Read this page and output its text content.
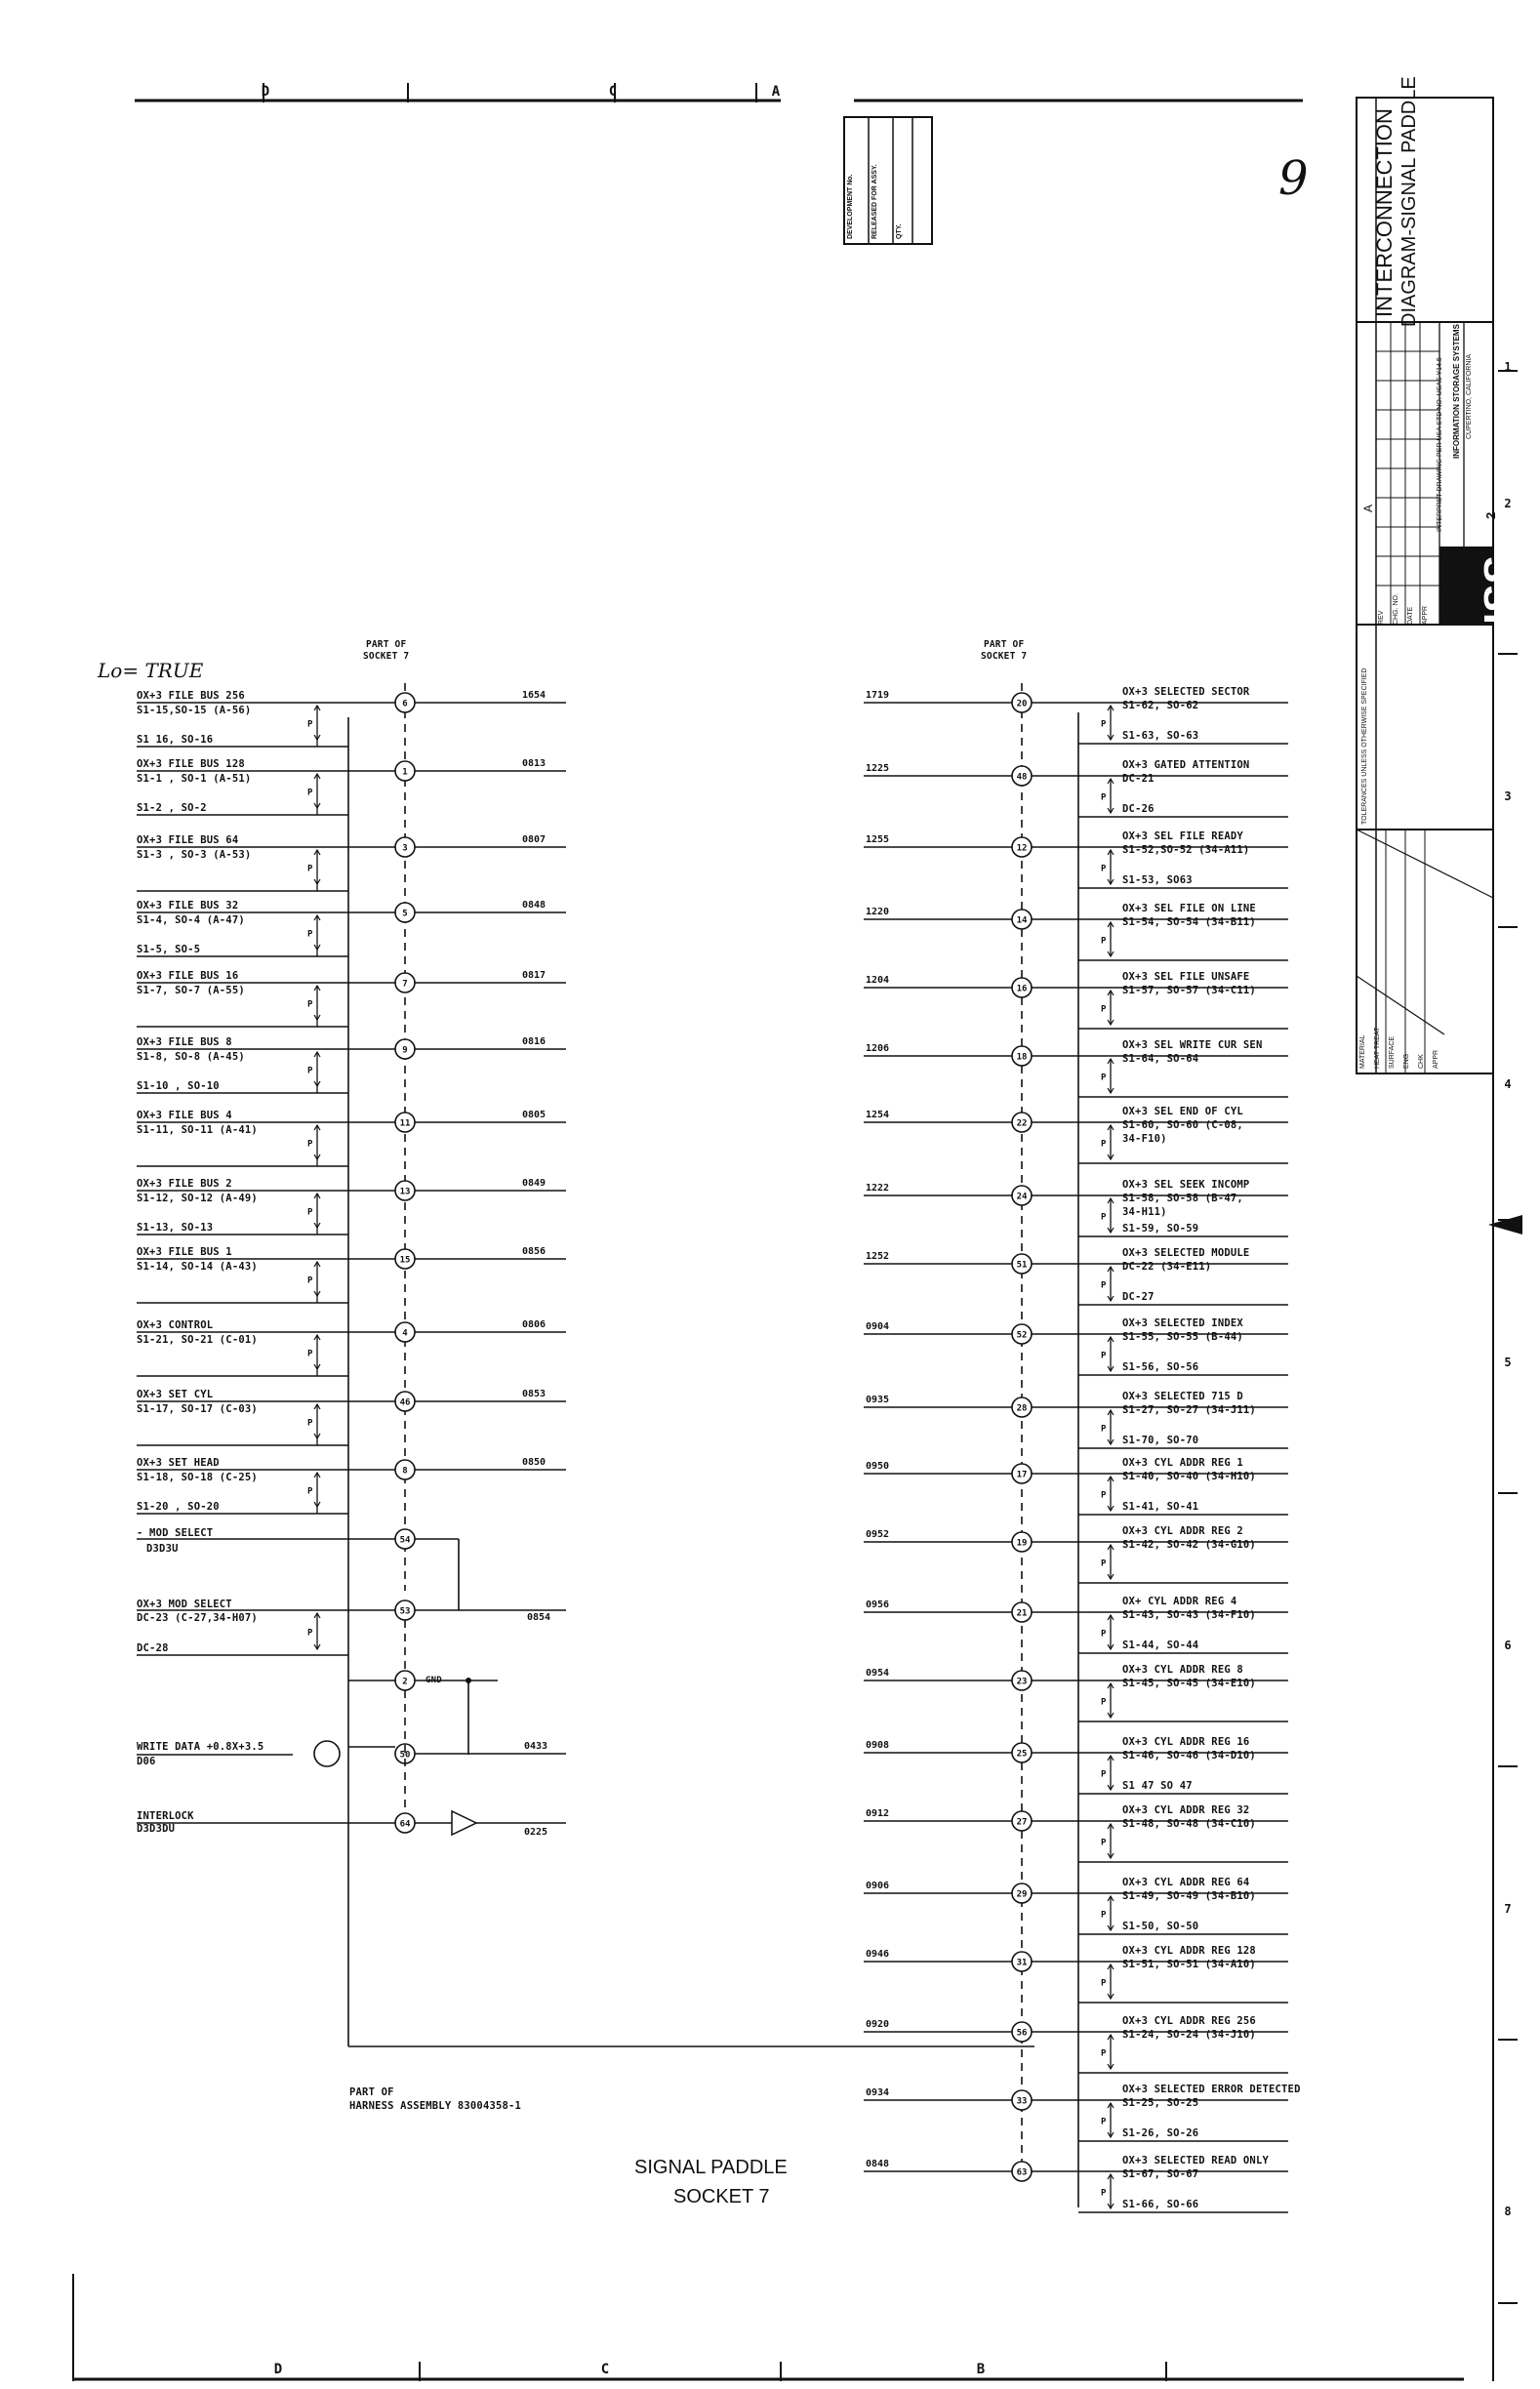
D	C	A
1
2
3
4
5
6
7
8
D	C	B
6
P
1
P
3
P
5
P
7
P
9
P
11
P
13
P
15
P
4
P
46
P
8
P
54
53
P
2
50
64
20
P
48
P
12
P
14
P
16
P
18
P
22
P
24
P
51
P
52
P
28
P
17
P
19
P
21
P
23
P
25
P
27
P
29
P
31
P
56
P
33
P
63
P
Lo= TRUE
PART OF
SOCKET 7
PART OF
SOCKET 7
OX+3 FILE BUS 256
S1-15,SO-15 (A-56)
1654
S1 16, SO-16
OX+3 FILE BUS 128
S1-1 , SO-1 (A-51)
0813
S1-2 , SO-2
OX+3 FILE BUS 64
S1-3 , SO-3 (A-53)
0807
OX+3 FILE BUS 32
S1-4, SO-4 (A-47)
0848
S1-5, SO-5
OX+3 FILE BUS 16
S1-7, SO-7 (A-55)
0817
OX+3 FILE BUS 8
S1-8, SO-8 (A-45)
0816
S1-10 , SO-10
OX+3 FILE BUS 4
S1-11, SO-11 (A-41)
0805
OX+3 FILE BUS 2
S1-12, SO-12 (A-49)
0849
S1-13, SO-13
OX+3 FILE BUS 1
S1-14, SO-14 (A-43)
0856
OX+3 CONTROL
S1-21, SO-21 (C-01)
0806
OX+3 SET CYL
S1-17, SO-17 (C-03)
0853
OX+3 SET HEAD
S1-18, SO-18 (C-25)
0850
S1-20 , SO-20
- MOD SELECT
D3D3U
OX+3 MOD SELECT
DC-23 (C-27,34-H07)	0854
DC-28
GND
WRITE DATA +0.8X+3.5
D06
0433
INTERLOCK
D3D3DU	0225
1719	OX+3 SELECTED SECTOR
S1-62, SO-62
S1-63, SO-63
1225	OX+3 GATED ATTENTION
DC-21
DC-26
1255	OX+3 SEL FILE READY
S1-52,SO-52 (34-A11)
S1-53, SO63
1220	OX+3 SEL FILE ON LINE
S1-54, SO-54 (34-B11)
1204	OX+3 SEL FILE UNSAFE
S1-57, SO-57 (34-C11)
1206	OX+3 SEL WRITE CUR SEN
S1-64, SO-64
1254	OX+3 SEL END OF CYL
S1-60, SO-60 (C-08,
34-F10)
1222	OX+3 SEL SEEK INCOMP
S1-58, SO-58 (B-47,
34-H11)
S1-59, SO-59
1252	OX+3 SELECTED MODULE
DC-22 (34-E11)
DC-27
0904	OX+3 SELECTED INDEX
S1-55, SO-55 (B-44)
S1-56, SO-56
0935	OX+3 SELECTED 715 D
S1-27, SO-27 (34-J11)
S1-70, SO-70
0950	OX+3 CYL ADDR REG 1
S1-40, SO-40 (34-H10)
S1-41, SO-41
0952	OX+3 CYL ADDR REG 2
S1-42, SO-42 (34-G10)
0956	OX+ CYL ADDR REG 4
S1-43, SO-43 (34-F10)
S1-44, SO-44
0954	OX+3 CYL ADDR REG 8
S1-45, SO-45 (34-E10)
0908	OX+3 CYL ADDR REG 16
S1-46, SO-46 (34-D10)
S1 47 SO 47
0912	OX+3 CYL ADDR REG 32
S1-48, SO-48 (34-C10)
0906	OX+3 CYL ADDR REG 64
S1-49, SO-49 (34-B10)
S1-50, SO-50
0946	OX+3 CYL ADDR REG 128
S1-51, SO-51 (34-A10)
0920	OX+3 CYL ADDR REG 256
S1-24, SO-24 (34-J10)
0934	OX+3 SELECTED ERROR DETECTED
S1-25, SO-25
S1-26, SO-26
0848	OX+3 SELECTED READ ONLY
S1-67, SO-67
S1-66, SO-66
PART OF
HARNESS ASSEMBLY 83004358-1
SIGNAL PADDLE
SOCKET 7
9	INTERCONNECTION DIAGRAM-SIGNAL PADDLE
INFORMATION STORAGE SYSTEMS CUPERTINO, CALIFORNIA
ISS
INTERPRET DRAWING PER USA STD NO. USAS Y14.5	2
A
REV CHG. NO. DATE APPR
TOLERANCES UNLESS OTHERWISE SPECIFIED
MATERIAL HEAT TREAT SURFACE ENG CHK APPR
DEVELOPMENT No.	RELEASED FOR ASSY.	QTY.
